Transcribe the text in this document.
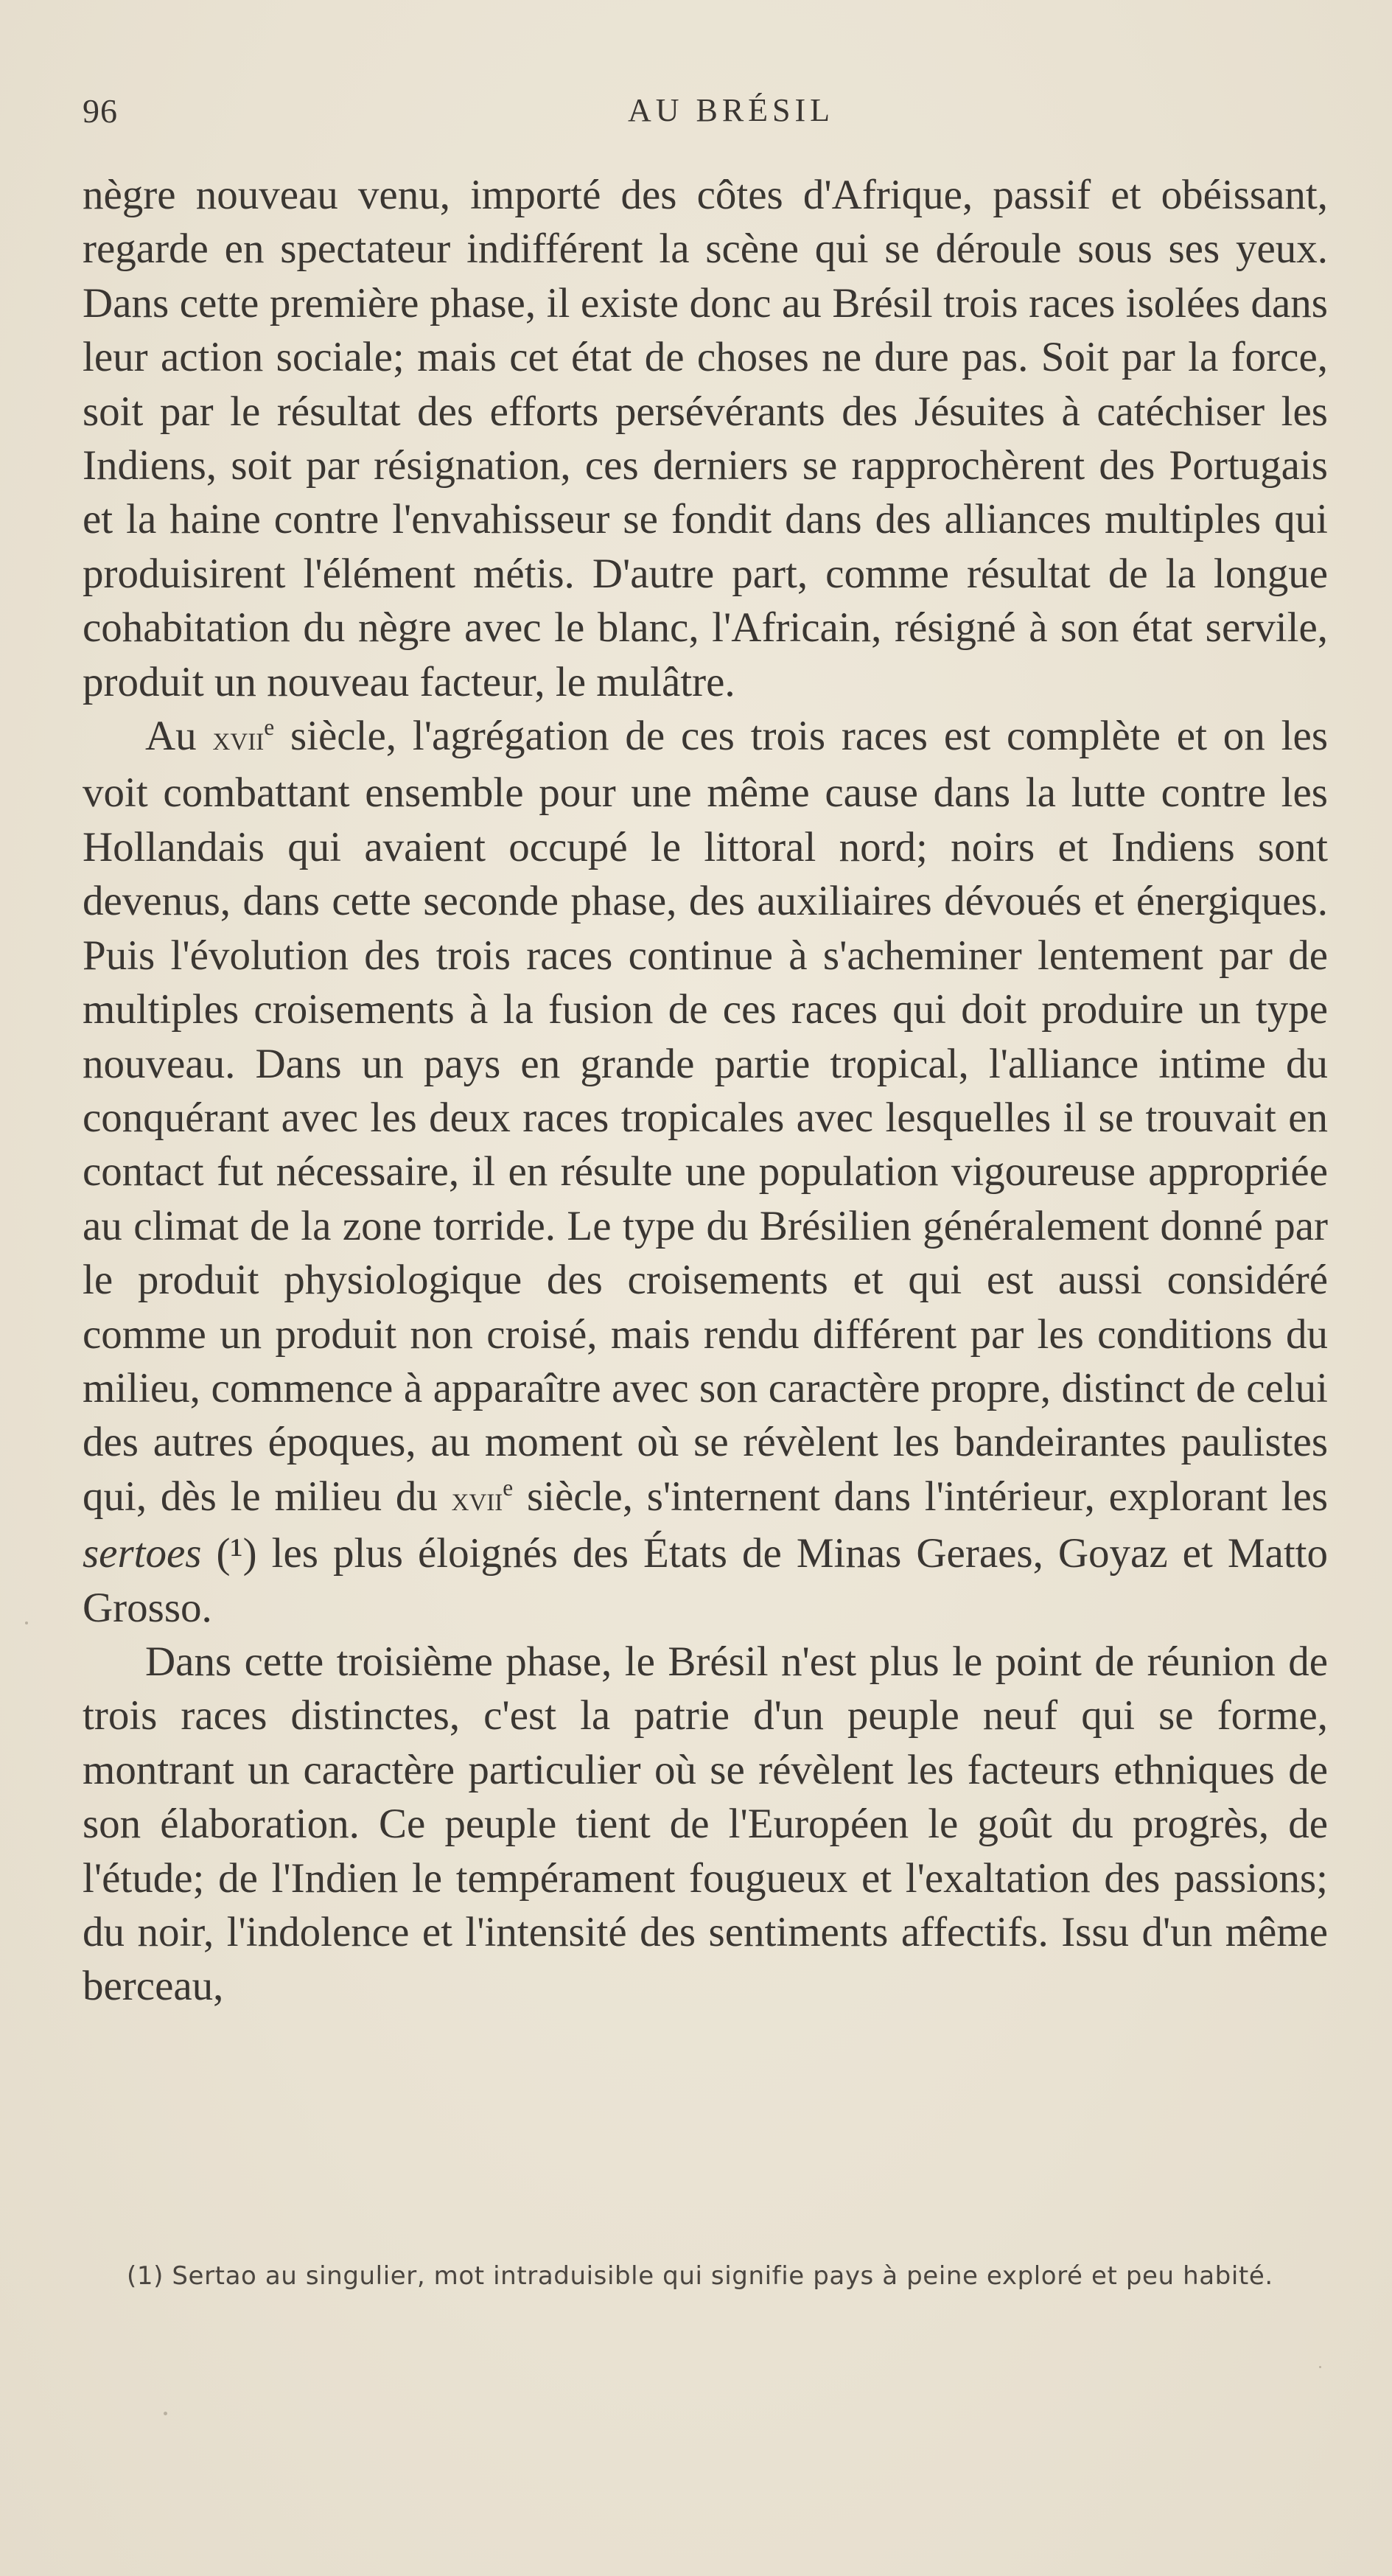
96	AU BRÉSIL

nègre nouveau venu, importé des côtes d'Afrique, passif et obéissant, regarde en spectateur indifférent la scène qui se déroule sous ses yeux. Dans cette première phase, il existe donc au Brésil trois races isolées dans leur action sociale; mais cet état de choses ne dure pas. Soit par la force, soit par le résultat des efforts persévérants des Jésuites à catéchiser les Indiens, soit par résignation, ces derniers se rapprochèrent des Portugais et la haine contre l'envahisseur se fondit dans des alliances multiples qui produisirent l'élément métis. D'autre part, comme résultat de la longue cohabitation du nègre avec le blanc, l'Africain, résigné à son état servile, produit un nouveau facteur, le mulâtre.

Au xvii$^e$ siècle, l'agrégation de ces trois races est complète et on les voit combattant ensemble pour une même cause dans la lutte contre les Hollandais qui avaient occupé le littoral nord; noirs et Indiens sont devenus, dans cette seconde phase, des auxiliaires dévoués et énergiques. Puis l'évolution des trois races continue à s'acheminer lentement par de multiples croisements à la fusion de ces races qui doit produire un type nouveau. Dans un pays en grande partie tropical, l'alliance intime du conquérant avec les deux races tropicales avec lesquelles il se trouvait en contact fut nécessaire, il en résulte une population vigoureuse appropriée au climat de la zone torride. Le type du Brésilien généralement donné par le produit physiologique des croisements et qui est aussi considéré comme un produit non croisé, mais rendu différent par les conditions du milieu, commence à apparaître avec son caractère propre, distinct de celui des autres époques, au moment où se révèlent les bandeirantes paulistes qui, dès le milieu du xvii$^e$ siècle, s'internent dans l'intérieur, explorant les sertoes (¹) les plus éloignés des États de Minas Geraes, Goyaz et Matto Grosso.

Dans cette troisième phase, le Brésil n'est plus le point de réunion de trois races distinctes, c'est la patrie d'un peuple neuf qui se forme, montrant un caractère particulier où se révèlent les facteurs ethniques de son élaboration. Ce peuple tient de l'Européen le goût du progrès, de l'étude; de l'Indien le tempérament fougueux et l'exaltation des passions; du noir, l'indolence et l'intensité des sentiments affectifs. Issu d'un même berceau,

(1) Sertao au singulier, mot intraduisible qui signifie pays à peine exploré et peu habité.
